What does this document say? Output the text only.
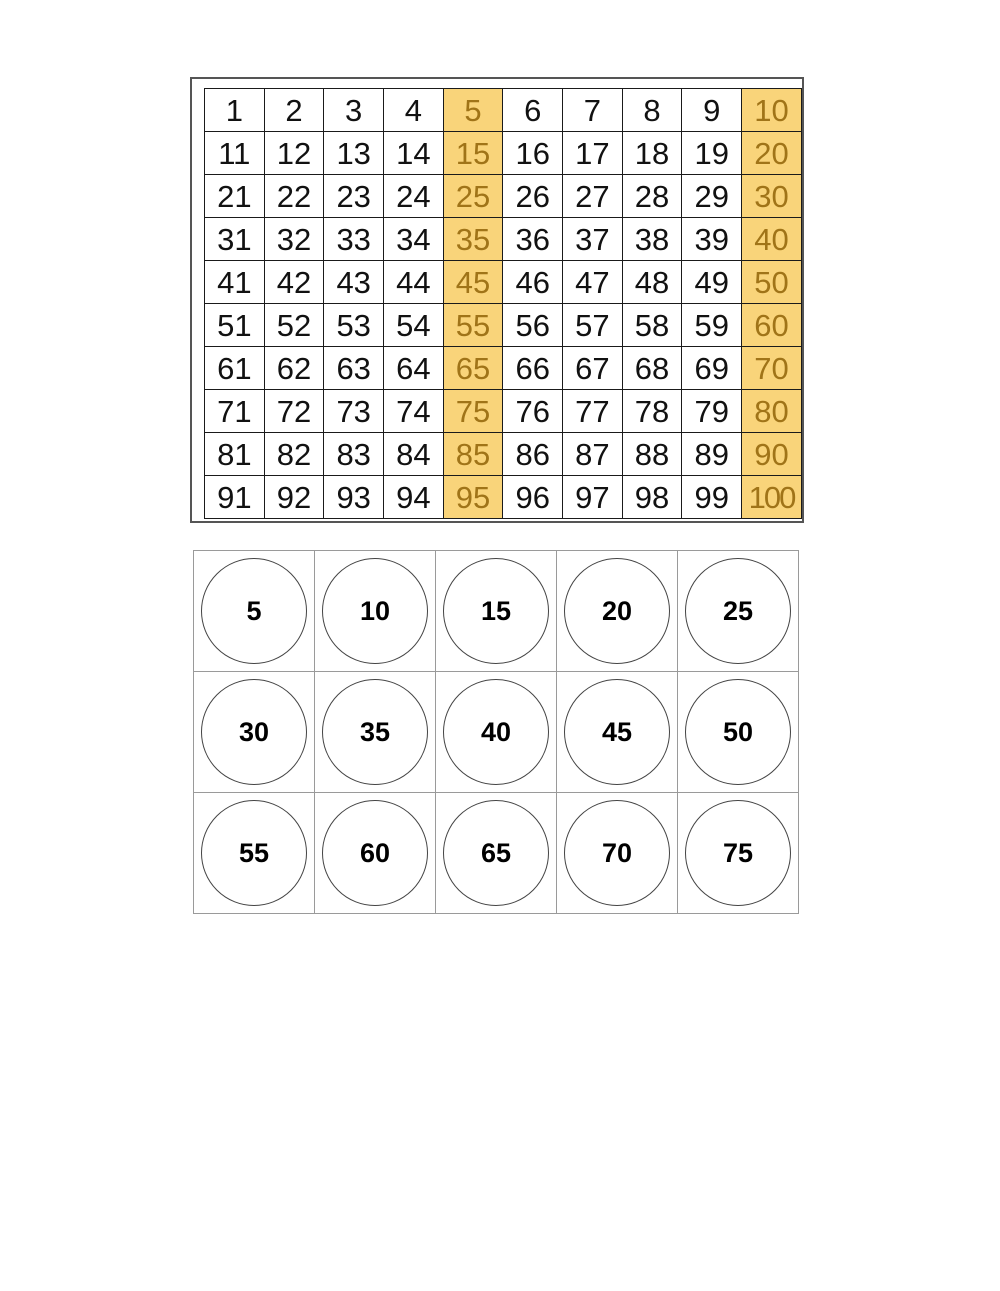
1	2	3	4	5	6	7	8	9	10
11	12	13	14	15	16	17	18	19	20
21	22	23	24	25	26	27	28	29	30
31	32	33	34	35	36	37	38	39	40
41	42	43	44	45	46	47	48	49	50
51	52	53	54	55	56	57	58	59	60
61	62	63	64	65	66	67	68	69	70
71	72	73	74	75	76	77	78	79	80
81	82	83	84	85	86	87	88	89	90
91	92	93	94	95	96	97	98	99	100
5	10	15	20	25

30	35	40	45	50

55	60	65	70	75
